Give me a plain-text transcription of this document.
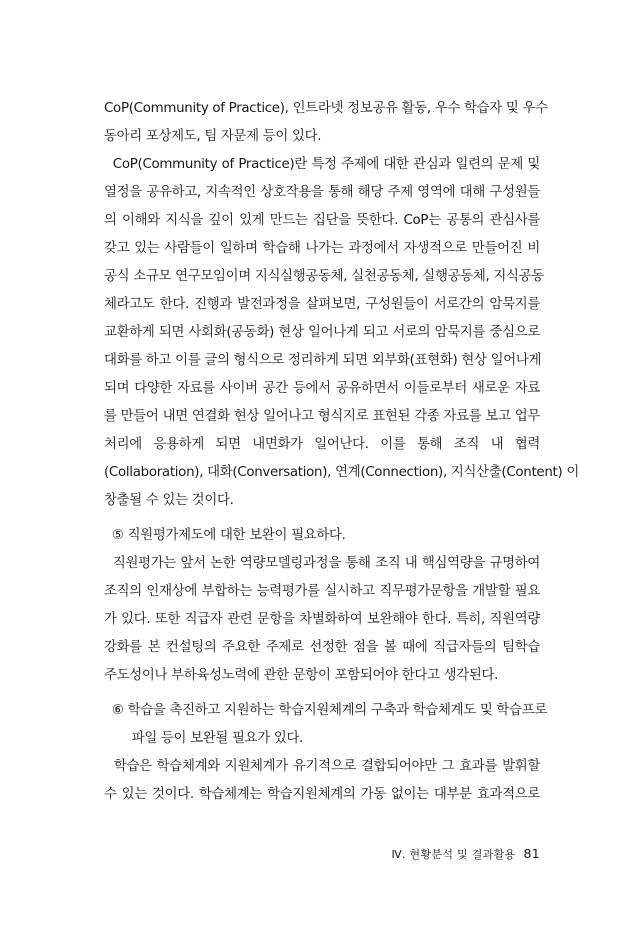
CoP(Community of Practice), 인트라넷 정보공유 활동, 우수 학습자 및 우수
동아리 포상제도, 팀 자문제 등이 있다.
CoP(Community of Practice)란 특정 주제에 대한 관심과 일련의 문제 및
열정을 공유하고, 지속적인 상호작용을 통해 해당 주제 영역에 대해 구성원들
의 이해와 지식을 깊이 있게 만드는 집단을 뜻한다. CoP는 공통의 관심사를
갖고 있는 사람들이 일하며 학습해 나가는 과정에서 자생적으로 만들어진 비
공식 소규모 연구모임이며 지식실행공동체, 실천공동체, 실행공동체, 지식공동
체라고도 한다. 진행과 발전과정을 살펴보면, 구성원들이 서로간의 암묵지를
교환하게 되면 사회화(공동화) 현상 일어나게 되고 서로의 암묵지를 중심으로
대화를 하고 이를 글의 형식으로 정리하게 되면 외부화(표현화) 현상 일어나게
되며 다양한 자료를 사이버 공간 등에서 공유하면서 이들로부터 새로운 자료
를 만들어 내면 연결화 현상 일어나고 형식지로 표현된 각종 자료를 보고 업무
처리에 응용하게 되면 내면화가 일어난다. 이를 통해 조직 내 협력
(Collaboration), 대화(Conversation), 연계(Connection), 지식산출(Content) 이
창출될 수 있는 것이다.
⑤ 직원평가제도에 대한 보완이 필요하다.
직원평가는 앞서 논한 역량모델링과정을 통해 조직 내 핵심역량을 규명하여
조직의 인재상에 부합하는 능력평가를 실시하고 직무평가문항을 개발할 필요
가 있다. 또한 직급자 관련 문항을 차별화하여 보완해야 한다. 특히, 직원역량
강화를 본 컨설팅의 주요한 주제로 선정한 점을 볼 때에 직급자들의 팀학습
주도성이나 부하육성노력에 관한 문항이 포함되어야 한다고 생각된다.
⑥ 학습을 촉진하고 지원하는 학습지원체계의 구축과 학습체계도 및 학습프로
파일 등이 보완될 필요가 있다.
학습은 학습체계와 지원체계가 유기적으로 결합되어야만 그 효과를 발휘할
수 있는 것이다. 학습체계는 학습지원체계의 가동 없이는 대부분 효과적으로
Ⅳ. 현황분석 및 결과활용 81
